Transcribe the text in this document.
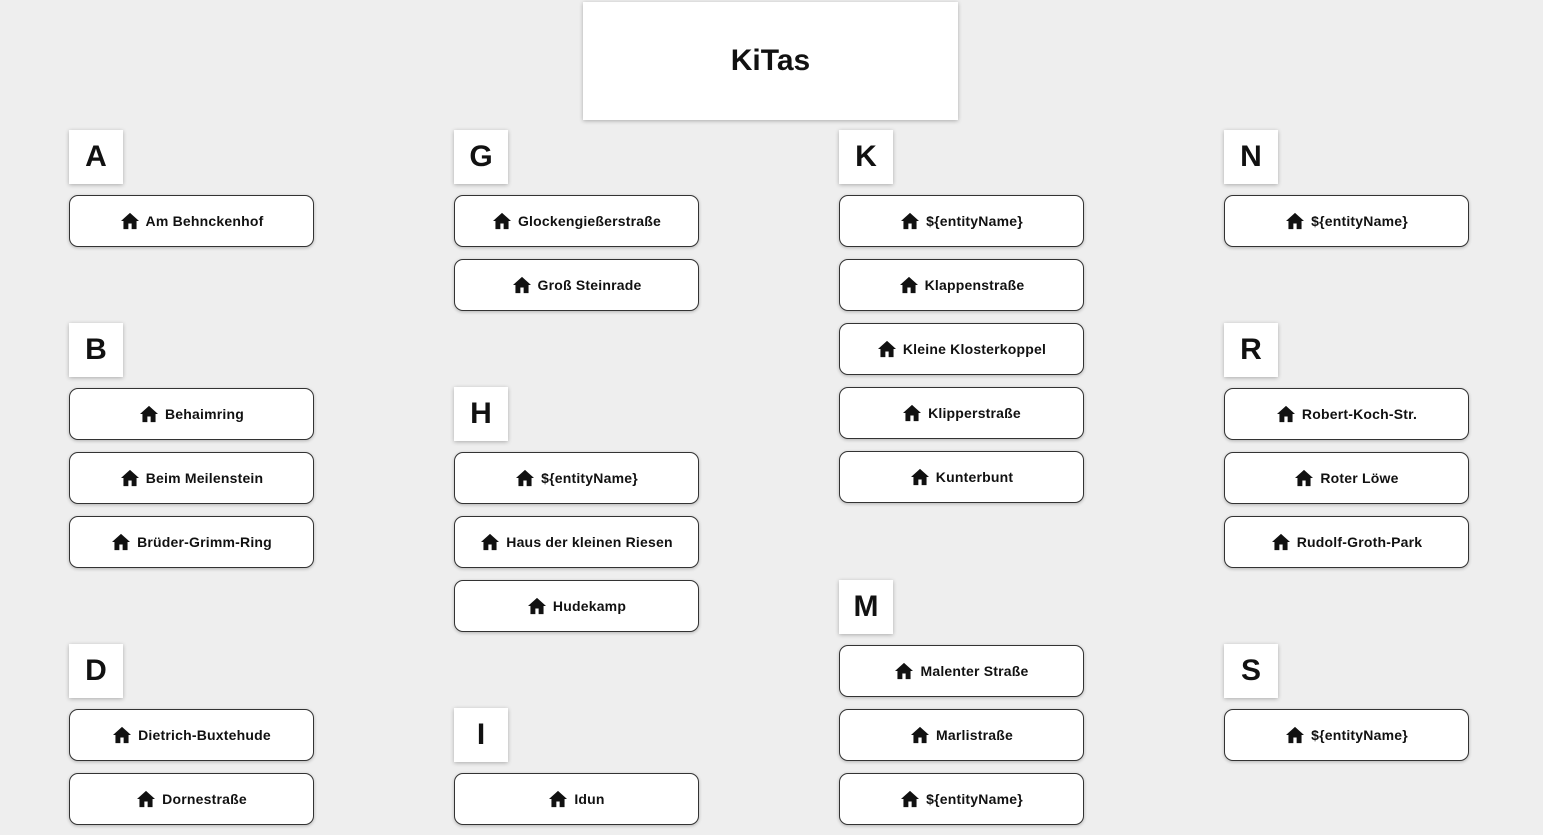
KiTas
A
Am Behnckenhof
B
Behaimring
Beim Meilenstein
Brüder-Grimm-Ring
D
Dietrich-Buxtehude
Dornestraße
G
Glockengießerstraße
Groß Steinrade
H
${entityName}
Haus der kleinen Riesen
Hudekamp
I
Idun
K
${entityName}
Klappenstraße
Kleine Klosterkoppel
Klipperstraße
Kunterbunt
M
Malenter Straße
Marlistraße
${entityName}
N
${entityName}
R
Robert-Koch-Str.
Roter Löwe
Rudolf-Groth-Park
S
${entityName}
